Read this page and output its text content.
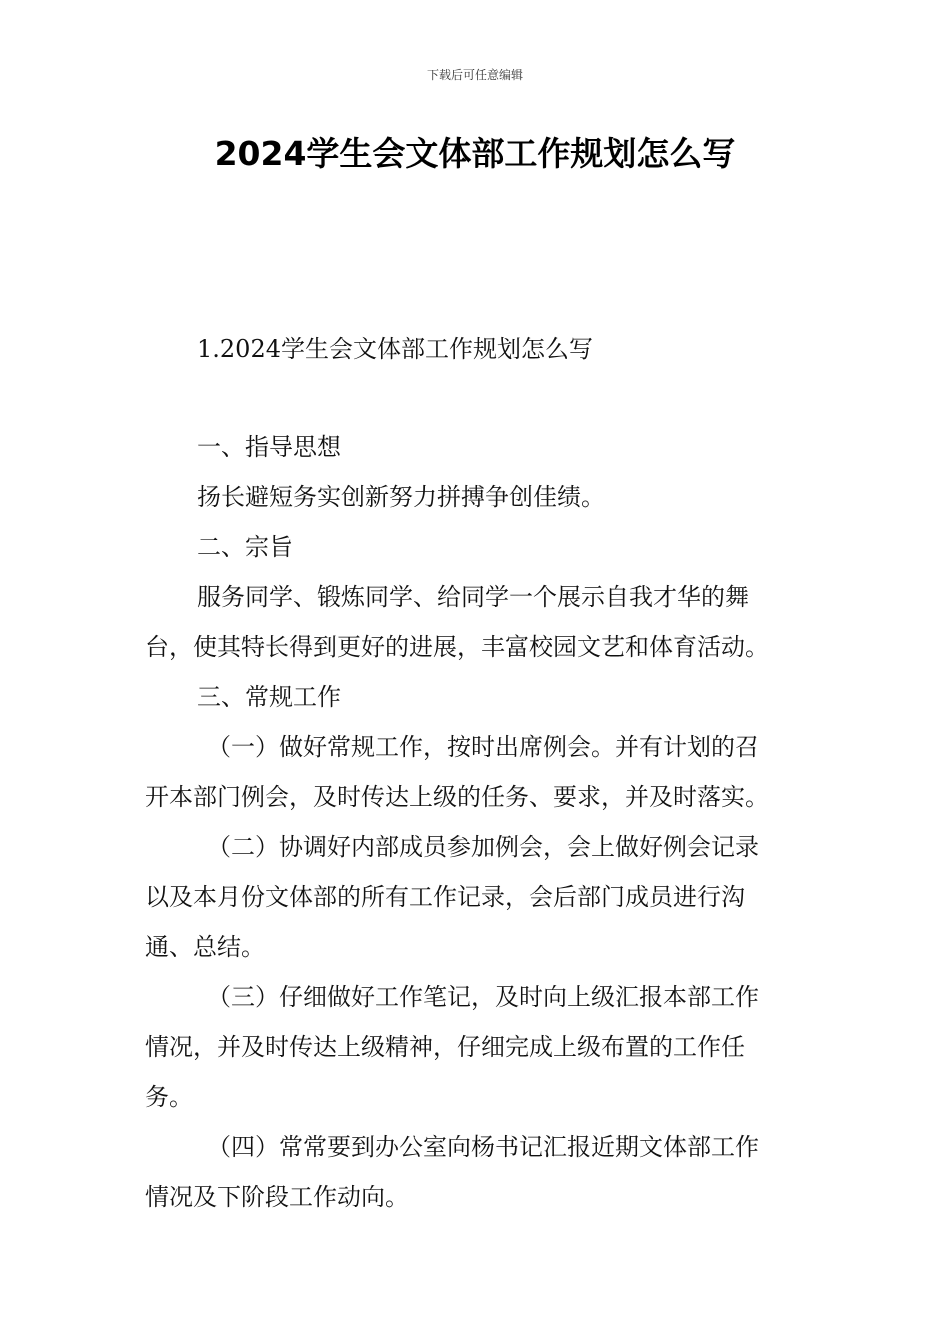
下载后可任意编辑
2024学生会文体部工作规划怎么写
1.2024学生会文体部工作规划怎么写
一、指导思想
扬长避短务实创新努力拼搏争创佳绩。
二、宗旨
服务同学、锻炼同学、给同学一个展示自我才华的舞
台，使其特长得到更好的进展，丰富校园文艺和体育活动。
三、常规工作
（一）做好常规工作，按时出席例会。并有计划的召
开本部门例会，及时传达上级的任务、要求，并及时落实。
（二）协调好内部成员参加例会，会上做好例会记录
以及本月份文体部的所有工作记录，会后部门成员进行沟
通、总结。
（三）仔细做好工作笔记，及时向上级汇报本部工作
情况，并及时传达上级精神，仔细完成上级布置的工作任
务。
（四）常常要到办公室向杨书记汇报近期文体部工作
情况及下阶段工作动向。
